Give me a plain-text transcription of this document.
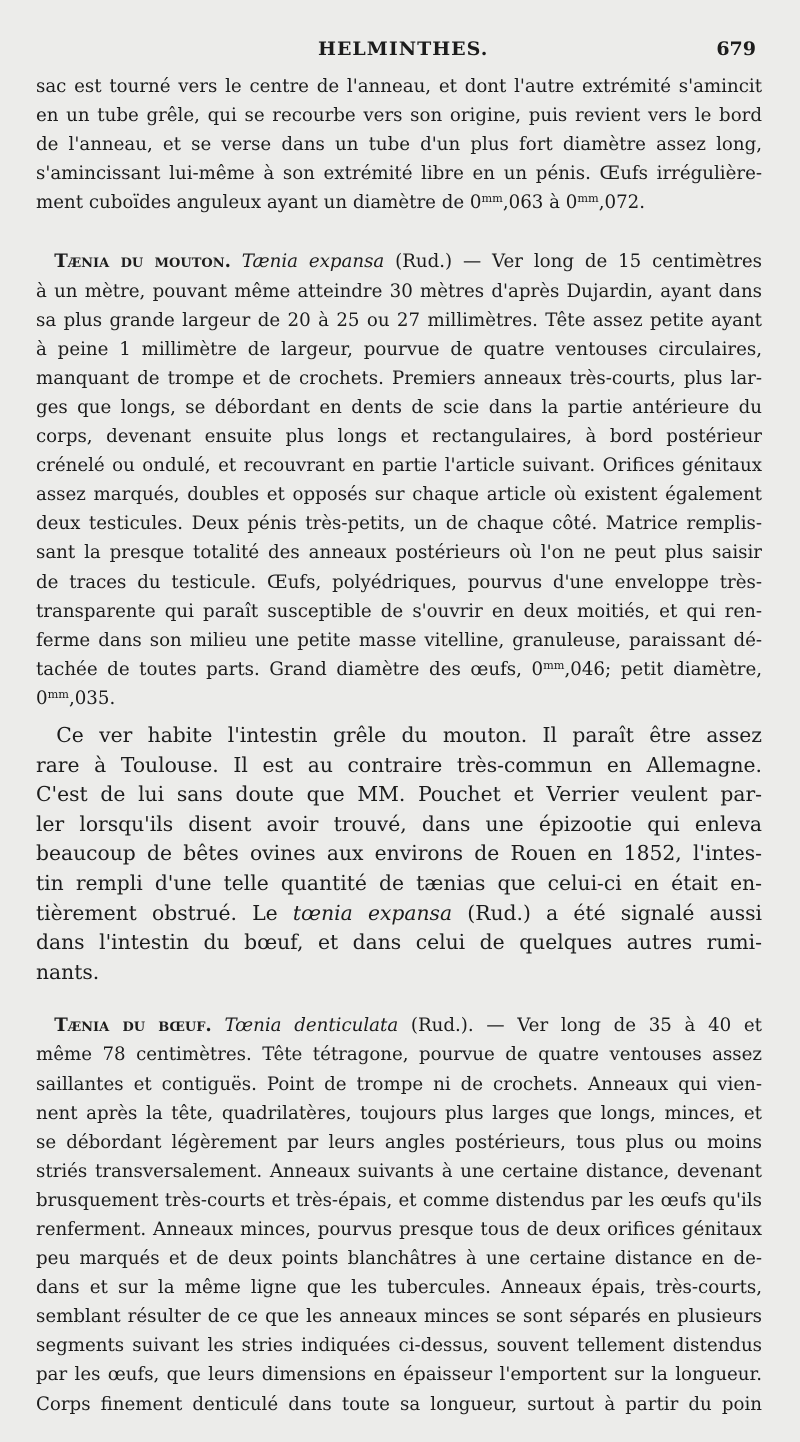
HELMINTHES.	679
sac est tourné vers le centre de l'anneau, et dont l'autre extrémité s'amincit
en un tube grêle, qui se recourbe vers son origine, puis revient vers le bord
de l'anneau, et se verse dans un tube d'un plus fort diamètre assez long,
s'amincissant lui-même à son extrémité libre en un pénis. Œufs irrégulière-
ment cuboïdes anguleux ayant un diamètre de $0^{mm},063$ à $0^{mm},072$.
 Tænia du mouton. Tænia expansa (Rud.) — Ver long de 15 centimètres
à un mètre, pouvant même atteindre 30 mètres d'après Dujardin, ayant dans
sa plus grande largeur de 20 à 25 ou 27 millimètres. Tête assez petite ayant
à peine 1 millimètre de largeur, pourvue de quatre ventouses circulaires,
manquant de trompe et de crochets. Premiers anneaux très-courts, plus lar-
ges que longs, se débordant en dents de scie dans la partie antérieure du
corps, devenant ensuite plus longs et rectangulaires, à bord postérieur
crénelé ou ondulé, et recouvrant en partie l'article suivant. Orifices génitaux
assez marqués, doubles et opposés sur chaque article où existent également
deux testicules. Deux pénis très-petits, un de chaque côté. Matrice remplis-
sant la presque totalité des anneaux postérieurs où l'on ne peut plus saisir
de traces du testicule. Œufs, polyédriques, pourvus d'une enveloppe très-
transparente qui paraît susceptible de s'ouvrir en deux moitiés, et qui ren-
ferme dans son milieu une petite masse vitelline, granuleuse, paraissant dé-
tachée de toutes parts. Grand diamètre des œufs, $0^{mm},046$; petit diamètre,
$0^{mm},035$.
 Ce ver habite l'intestin grêle du mouton. Il paraît être assez
rare à Toulouse. Il est au contraire très-commun en Allemagne.
C'est de lui sans doute que MM. Pouchet et Verrier veulent par-
ler lorsqu'ils disent avoir trouvé, dans une épizootie qui enleva
beaucoup de bêtes ovines aux environs de Rouen en 1852, l'intes-
tin rempli d'une telle quantité de tænias que celui-ci en était en-
tièrement obstrué. Le tœnia expansa (Rud.) a été signalé aussi
dans l'intestin du bœuf, et dans celui de quelques autres rumi-
nants.
 Tænia du bœuf. Tœnia denticulata (Rud.). — Ver long de 35 à 40 et
même 78 centimètres. Tête tétragone, pourvue de quatre ventouses assez
saillantes et contiguës. Point de trompe ni de crochets. Anneaux qui vien-
nent après la tête, quadrilatères, toujours plus larges que longs, minces, et
se débordant légèrement par leurs angles postérieurs, tous plus ou moins
striés transversalement. Anneaux suivants à une certaine distance, devenant
brusquement très-courts et très-épais, et comme distendus par les œufs qu'ils
renferment. Anneaux minces, pourvus presque tous de deux orifices génitaux
peu marqués et de deux points blanchâtres à une certaine distance en de-
dans et sur la même ligne que les tubercules. Anneaux épais, très-courts,
semblant résulter de ce que les anneaux minces se sont séparés en plusieurs
segments suivant les stries indiquées ci-dessus, souvent tellement distendus
par les œufs, que leurs dimensions en épaisseur l'emportent sur la longueur.
Corps finement denticulé dans toute sa longueur, surtout à partir du poin
